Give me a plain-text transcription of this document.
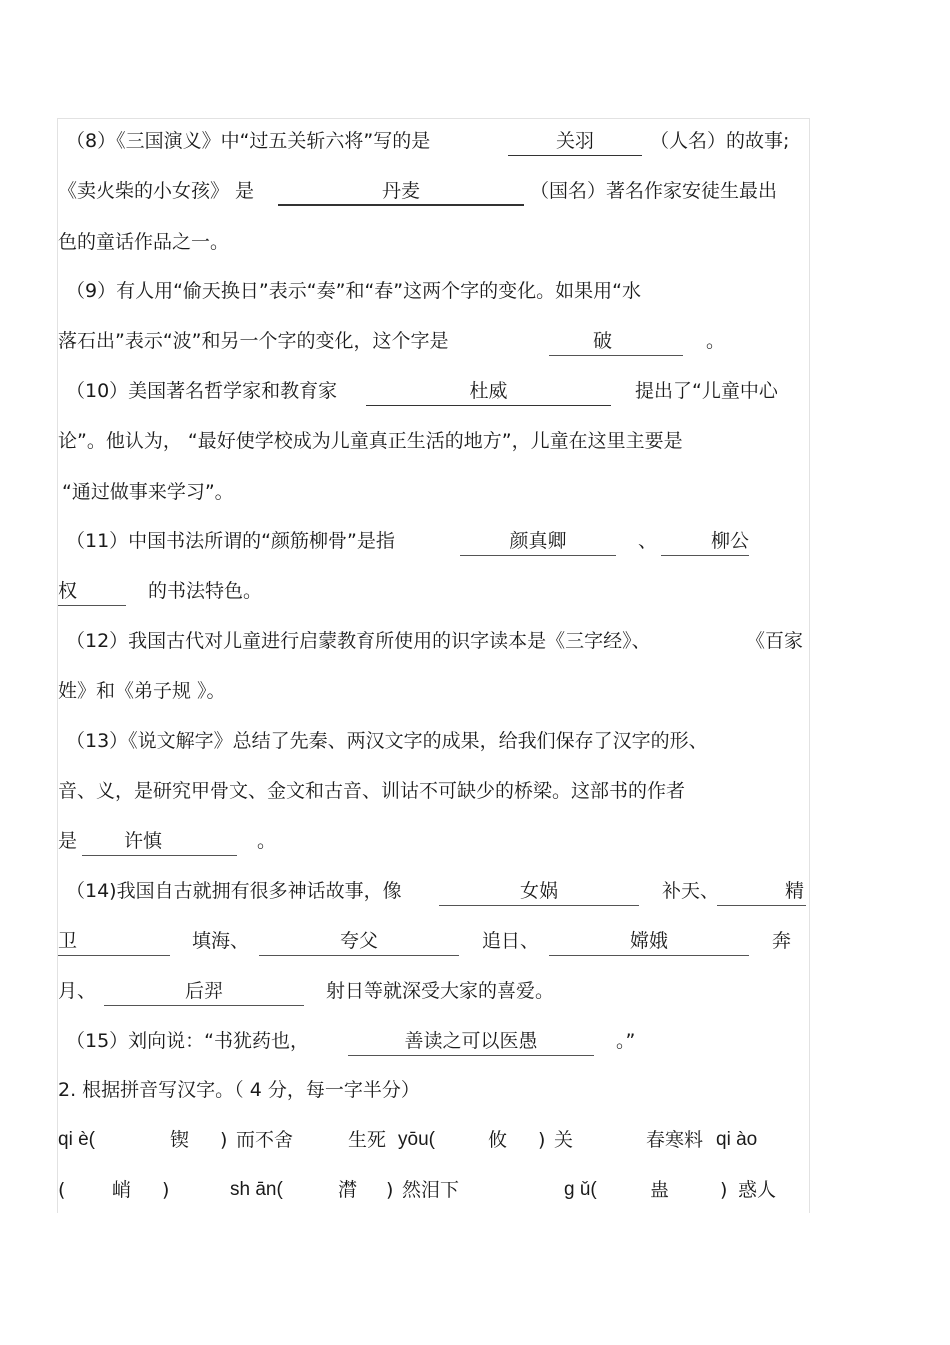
（8）《三国演义》中“过五关斩六将”写的是	关羽	（人名）的故事;
《卖火柴的小女孩》 是	丹麦	（国名）著名作家安徒生最出
色的童话作品之一。
（9）有人用“偷天换日”表示“奏”和“春”这两个字的变化。如果用“水
落石出”表示“波”和另一个字的变化，这个字是	破	。
（10）美国著名哲学家和教育家	杜威	提出了“儿童中心
论”。他认为， “最好使学校成为儿童真正生活的地方”，儿童在这里主要是
“通过做事来学习”。
（11）中国书法所谓的“颜筋柳骨”是指	颜真卿	、	柳公
权	的书法特色。
（12）我国古代对儿童进行启蒙教育所使用的识字读本是《三字经》、	《百家
姓》和《弟子规 》。
（13）《说文解字》总结了先秦、两汉文字的成果，给我们保存了汉字的形、
音、义，是研究甲骨文、金文和古音、训诂不可缺少的桥梁。这部书的作者
是	许慎	。
（14)我国自古就拥有很多神话故事，像	女娲	补天、	精
卫	填海、	夸父	追日、	嫦娥	奔
月、	后羿	射日等就深受大家的喜爱。
（15）刘向说：“书犹药也，	善读之可以医愚	。”
2. 根据拼音写汉字。（ 4 分，每一字半分）
qi è(	锲 ) 而不舍	生死 yōu(	攸 ) 关	春寒料 qi ào
( 峭 )	sh ān(	潸 ) 然泪下	g ǔ(	蛊	) 惑人
